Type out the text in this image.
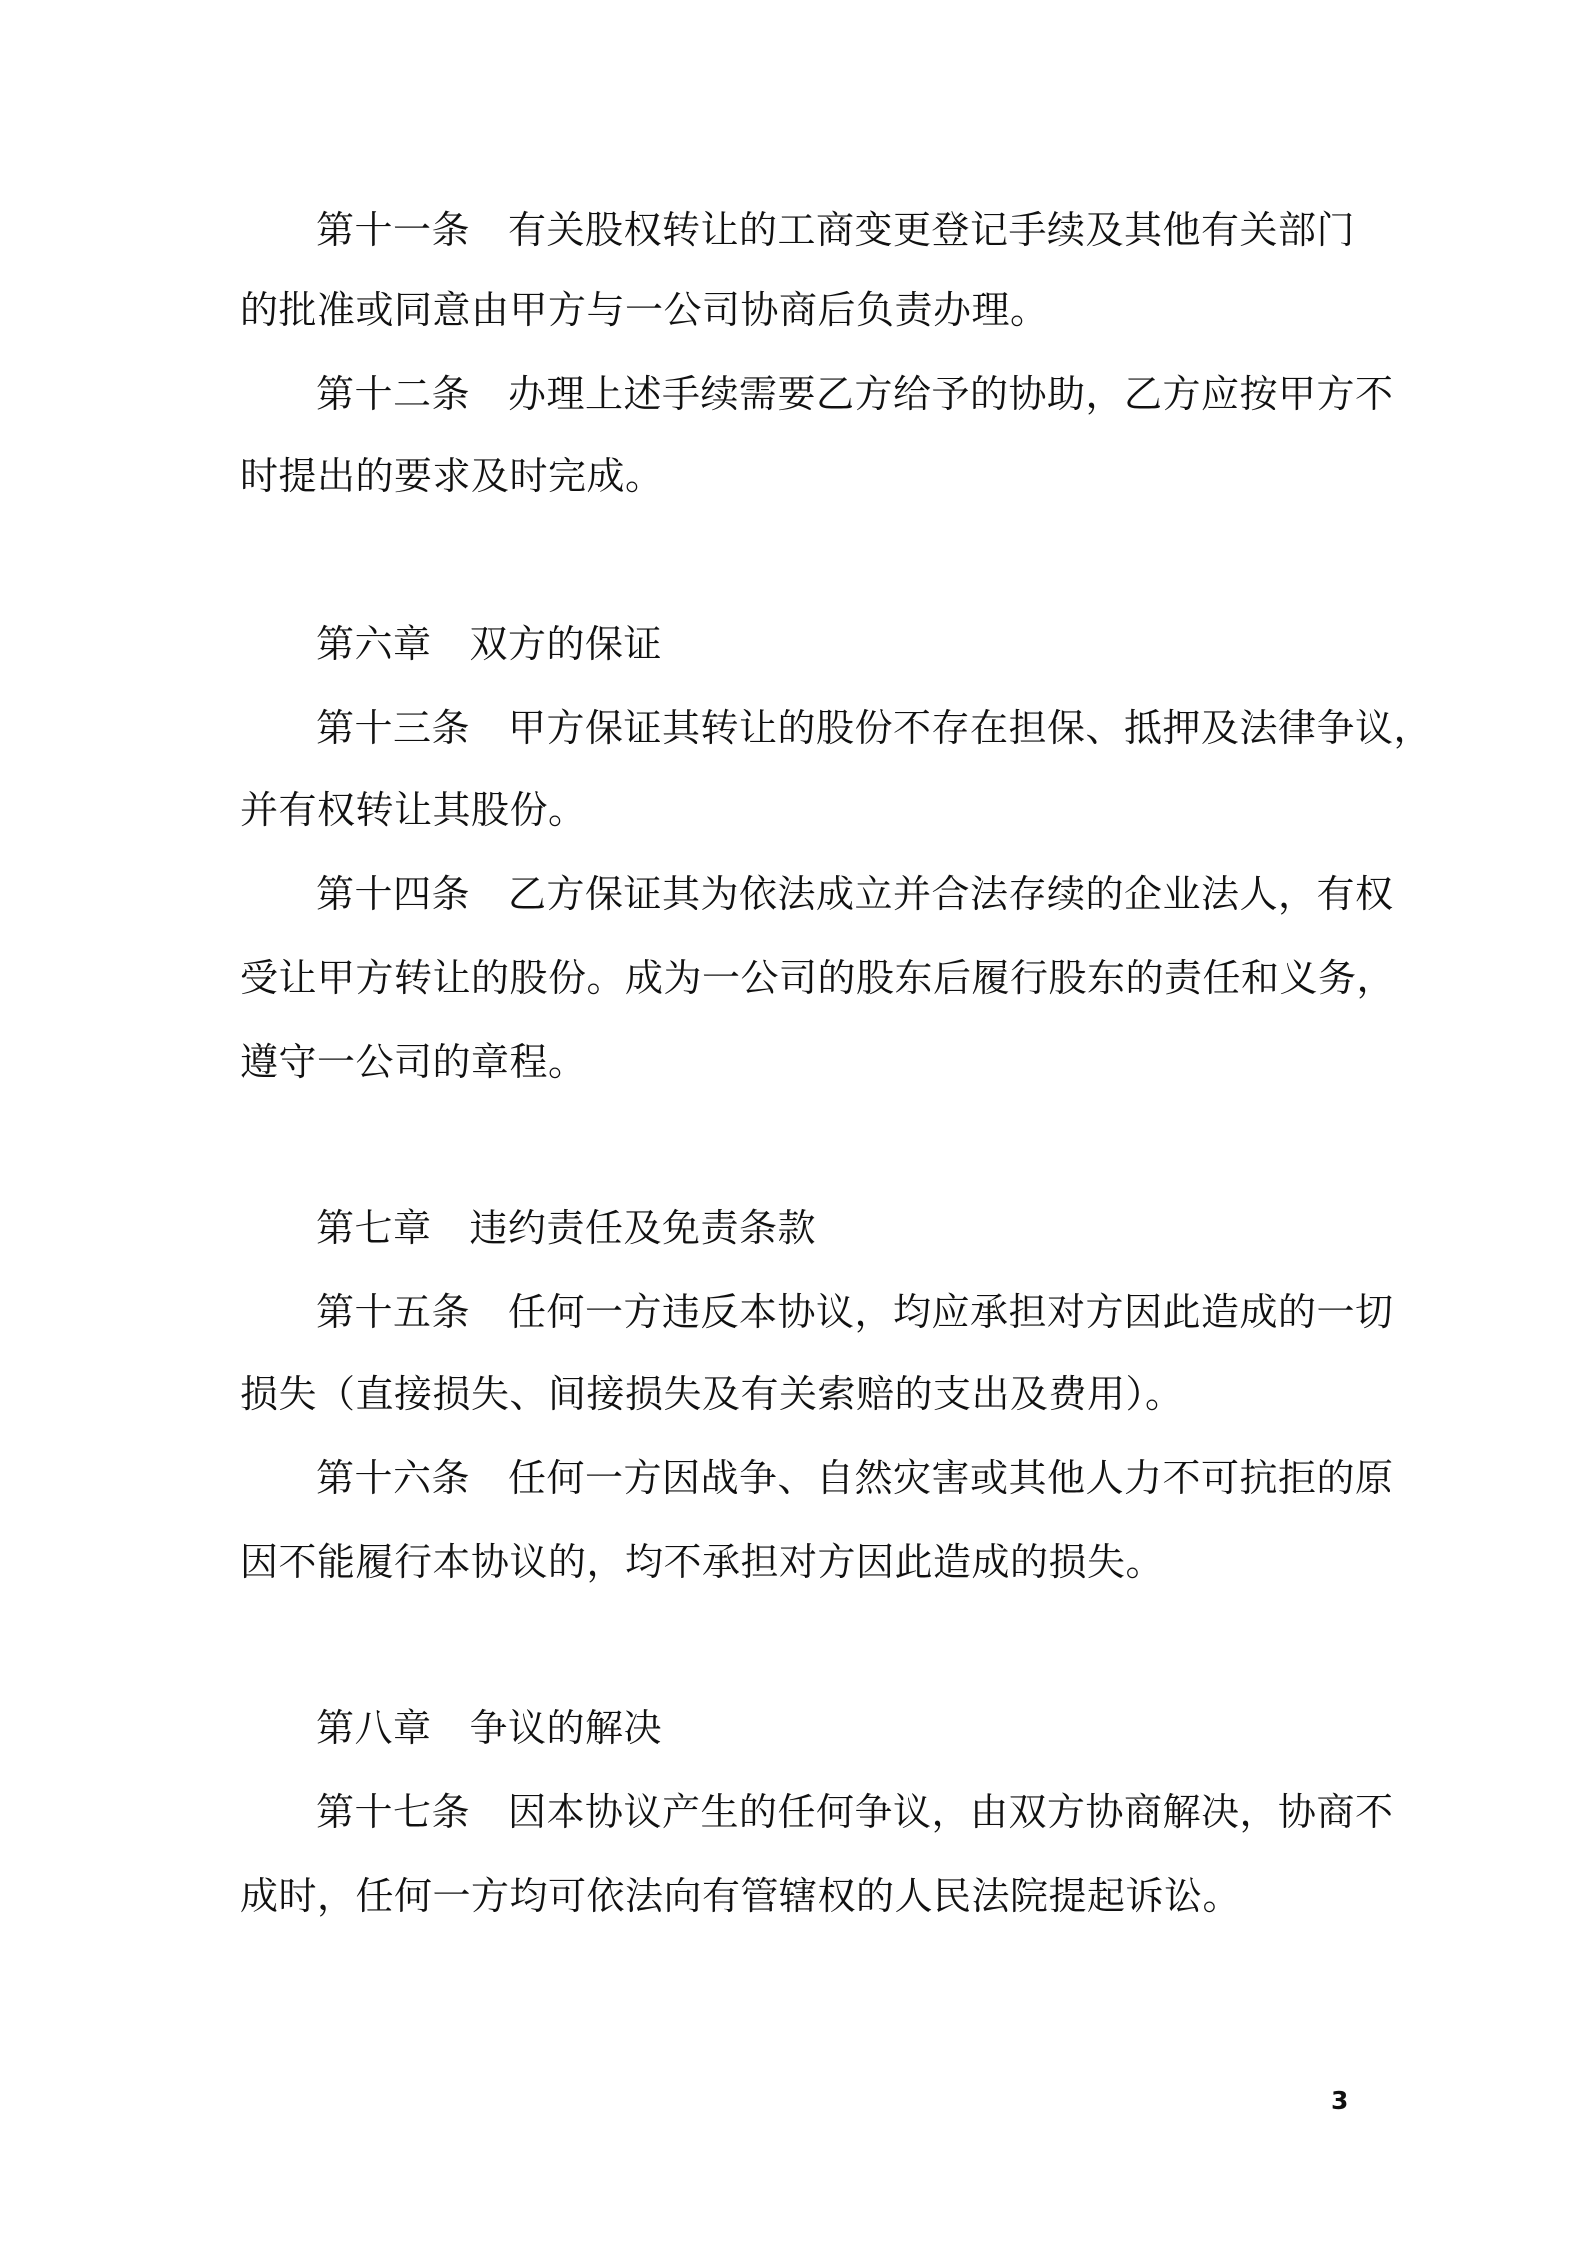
第十一条 有关股权转让的工商变更登记手续及其他有关部门
的批准或同意由甲方与一公司协商后负责办理。
第十二条 办理上述手续需要乙方给予的协助，乙方应按甲方不
时提出的要求及时完成。
第六章 双方的保证
第十三条 甲方保证其转让的股份不存在担保、抵押及法律争议，
并有权转让其股份。
第十四条 乙方保证其为依法成立并合法存续的企业法人，有权
受让甲方转让的股份。成为一公司的股东后履行股东的责任和义务，
遵守一公司的章程。
第七章 违约责任及免责条款
第十五条 任何一方违反本协议，均应承担对方因此造成的一切
损失（直接损失、间接损失及有关索赔的支出及费用）。
第十六条 任何一方因战争、自然灾害或其他人力不可抗拒的原
因不能履行本协议的，均不承担对方因此造成的损失。
第八章 争议的解决
第十七条 因本协议产生的任何争议，由双方协商解决，协商不
成时，任何一方均可依法向有管辖权的人民法院提起诉讼。
3
